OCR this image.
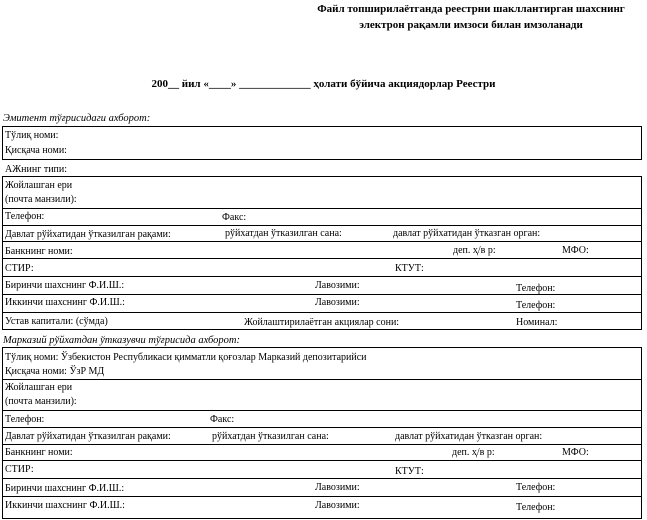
Файл топширилаётганда реестрни шакллантирган шахснинг
электрон рақамли имзоси билан имзоланади
200__ йил «____» _____________ ҳолати бўйича акциядорлар Реестри
Эмитент тўғрисидаги ахборот:
Тўлиқ номи:
Қисқача номи:
АЖнинг типи:
Жойлашган ери
(почта манзили):
Телефон:	Факс:
Давлат рўйхатидан ўтказилган рақами:	рўйхатдан ўтказилган сана:	давлат рўйхатидан ўтказган орган:
Банкнинг номи:	деп. ҳ/в р:	МФО:
СТИР:	КТУТ:
Биринчи шахснинг Ф.И.Ш.:	Лавозими:	Телефон:
Иккинчи шахснинг Ф.И.Ш.:	Лавозими:	Телефон:
Устав капитали: (сўмда)	Жойлаштирилаётган акциялар сони:	Номинал:
Марказий рўйхатдан ўтказувчи тўғрисида ахборот:
Тўлиқ номи: Ўзбекистон Республикаси қимматли қоғозлар Марказий депозитарийси
Қисқача номи: ЎзР МД
Жойлашган ери
(почта манзили):
Телефон:	Факс:
Давлат рўйхатидан ўтказилган рақами:	рўйхатдан ўтказилган сана:	давлат рўйхатидан ўтказган орган:
Банкнинг номи:	деп. ҳ/в р:	МФО:
СТИР:	КТУТ:
Биринчи шахснинг Ф.И.Ш.:	Лавозими:	Телефон:
Иккинчи шахснинг Ф.И.Ш.:	Лавозими:	Телефон:
